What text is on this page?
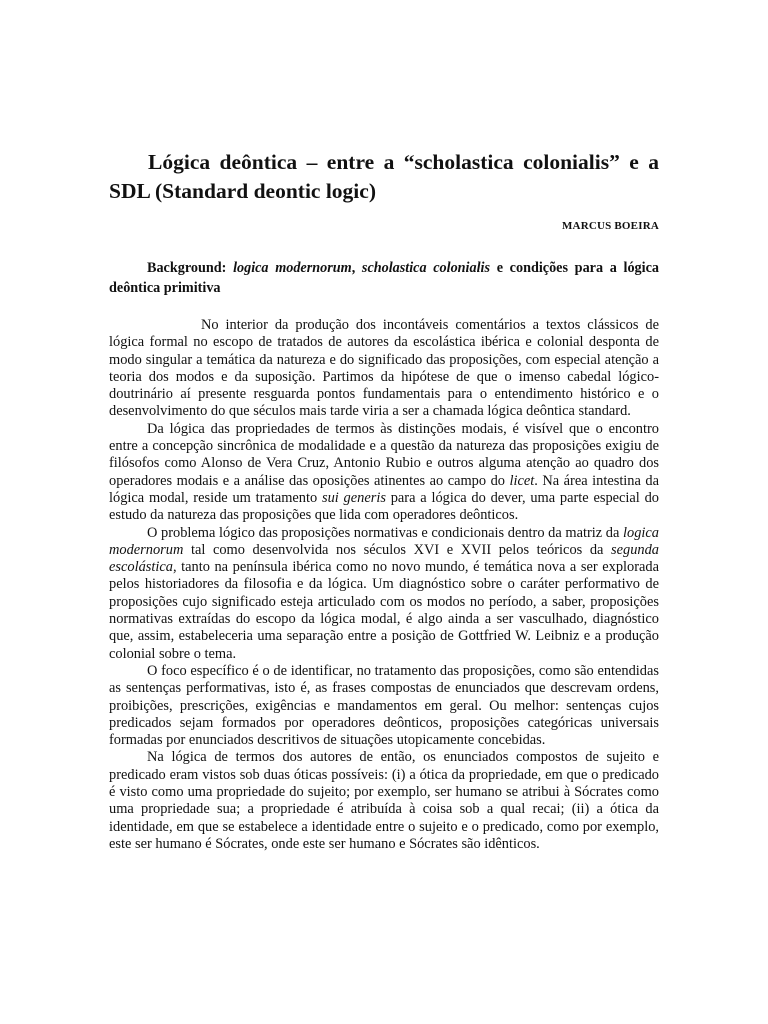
Lógica deôntica – entre a “scholastica colonialis” e a SDL (Standard deontic logic)
MARCUS BOEIRA
Background: logica modernorum, scholastica colonialis e condições para a lógica deôntica primitiva

No interior da produção dos incontáveis comentários a textos clássicos de lógica formal no escopo de tratados de autores da escolástica ibérica e colonial desponta de modo singular a temática da natureza e do significado das proposições, com especial atenção a teoria dos modos e da suposição. Partimos da hipótese de que o imenso cabedal lógico-doutrinário aí presente resguarda pontos fundamentais para o entendimento histórico e o desenvolvimento do que séculos mais tarde viria a ser a chamada lógica deôntica standard.

Da lógica das propriedades de termos às distinções modais, é visível que o encontro entre a concepção sincrônica de modalidade e a questão da natureza das proposições exigiu de filósofos como Alonso de Vera Cruz, Antonio Rubio e outros alguma atenção ao quadro dos operadores modais e a análise das oposições atinentes ao campo do licet. Na área intestina da lógica modal, reside um tratamento sui generis para a lógica do dever, uma parte especial do estudo da natureza das proposições que lida com operadores deônticos.

O problema lógico das proposições normativas e condicionais dentro da matriz da logica modernorum tal como desenvolvida nos séculos XVI e XVII pelos teóricos da segunda escolástica, tanto na península ibérica como no novo mundo, é temática nova a ser explorada pelos historiadores da filosofia e da lógica. Um diagnóstico sobre o caráter performativo de proposições cujo significado esteja articulado com os modos no período, a saber, proposições normativas extraídas do escopo da lógica modal, é algo ainda a ser vasculhado, diagnóstico que, assim, estabeleceria uma separação entre a posição de Gottfried W. Leibniz e a produção colonial sobre o tema.

O foco específico é o de identificar, no tratamento das proposições, como são entendidas as sentenças performativas, isto é, as frases compostas de enunciados que descrevam ordens, proibições, prescrições, exigências e mandamentos em geral. Ou melhor: sentenças cujos predicados sejam formados por operadores deônticos, proposições categóricas universais formadas por enunciados descritivos de situações utopicamente concebidas.

Na lógica de termos dos autores de então, os enunciados compostos de sujeito e predicado eram vistos sob duas óticas possíveis: (i) a ótica da propriedade, em que o predicado é visto como uma propriedade do sujeito; por exemplo, ser humano se atribui à Sócrates como uma propriedade sua; a propriedade é atribuída à coisa sob a qual recai; (ii) a ótica da identidade, em que se estabelece a identidade entre o sujeito e o predicado, como por exemplo, este ser humano é Sócrates, onde este ser humano e Sócrates são idênticos.
